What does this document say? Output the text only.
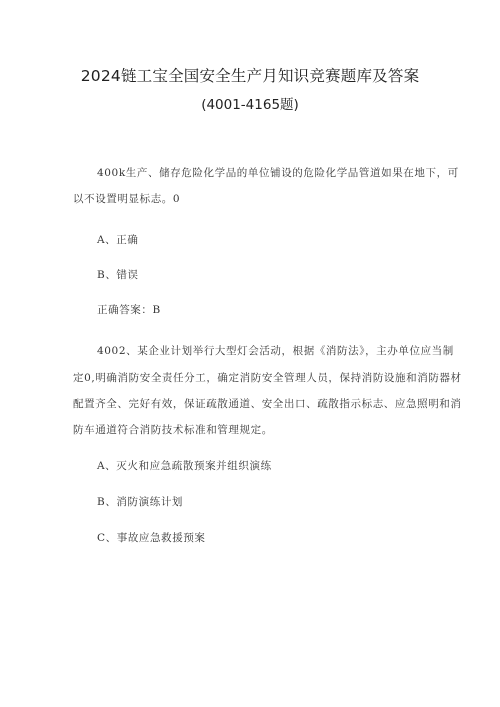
2024链工宝全国安全生产月知识竞赛题库及答案
(4001-4165题)
400k生产、储存危险化学品的单位铺设的危险化学品管道如果在地下，可
以不设置明显标志。0
A、正确
B、错误
正确答案：B
4002、某企业计划举行大型灯会活动，根据《消防法》，主办单位应当制
定0,明确消防安全责任分工，确定消防安全管理人员，保持消防设施和消防器材
配置齐全、完好有效，保证疏散通道、安全出口、疏散指示标志、应急照明和消
防车通道符合消防技术标准和管理规定。
A、灭火和应急疏散预案并组织演练
B、消防演练计划
C、事故应急救援预案
